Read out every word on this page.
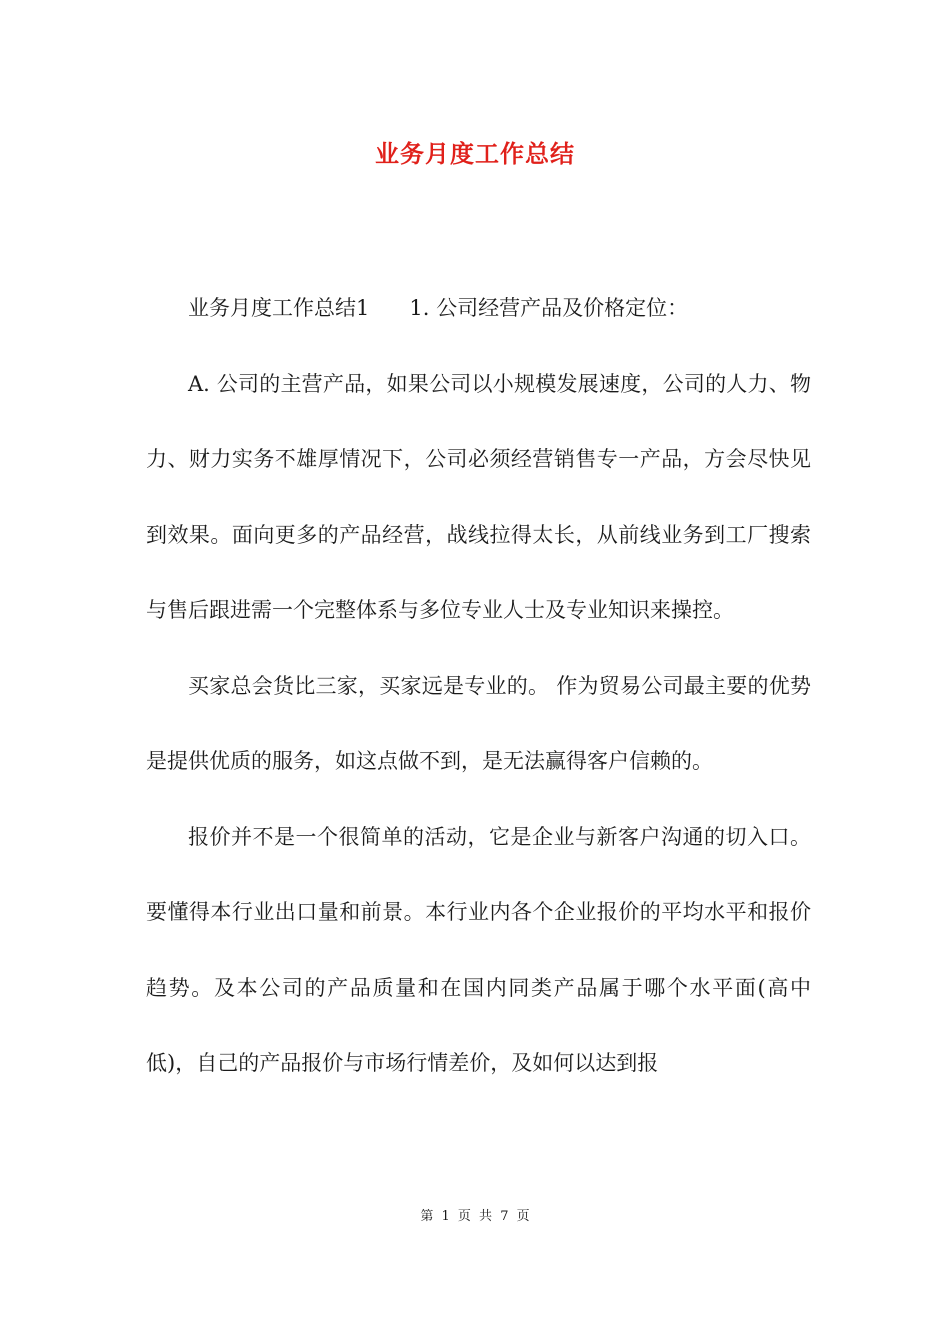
业务月度工作总结

业务月度工作总结1 1. 公司经营产品及价格定位：

A. 公司的主营产品，如果公司以小规模发展速度，公司的人力、物力、财力实务不雄厚情况下，公司必须经营销售专一产品，方会尽快见到效果。面向更多的产品经营，战线拉得太长，从前线业务到工厂搜索与售后跟进需一个完整体系与多位专业人士及专业知识来操控。

买家总会货比三家，买家远是专业的。 作为贸易公司最主要的优势是提供优质的服务，如这点做不到，是无法赢得客户信赖的。

报价并不是一个很简单的活动，它是企业与新客户沟通的切入口。要懂得本行业出口量和前景。本行业内各个企业报价的平均水平和报价趋势。及本公司的产品质量和在国内同类产品属于哪个水平面(高中低)，自己的产品报价与市场行情差价，及如何以达到报

第 1 页 共 7 页
